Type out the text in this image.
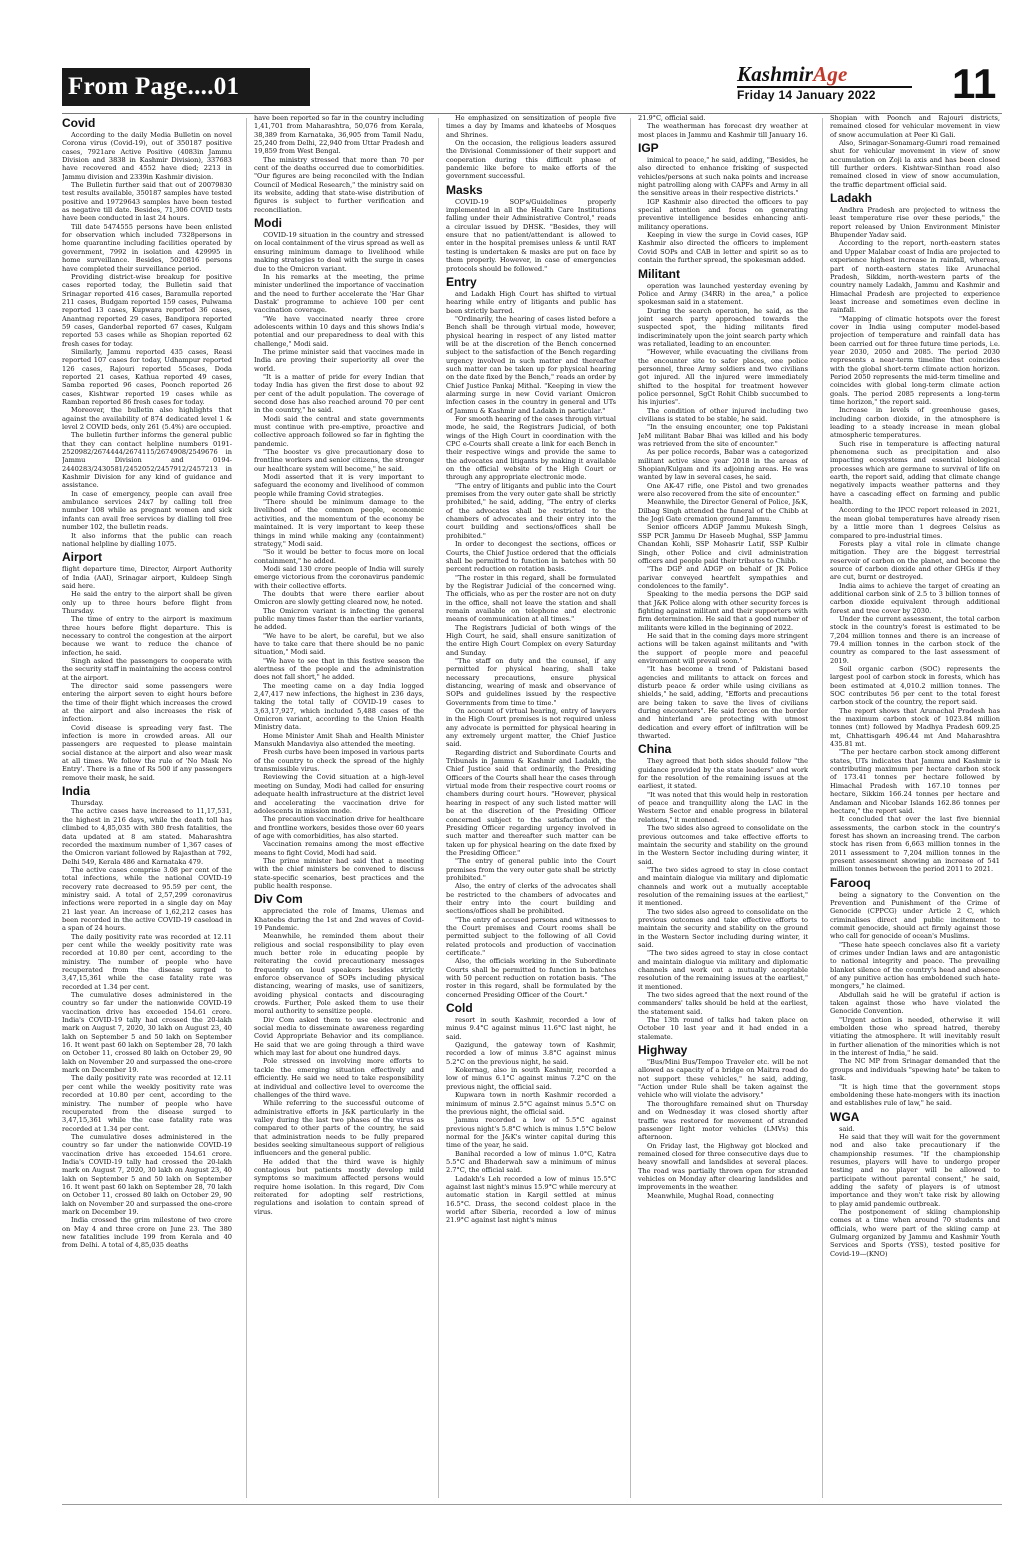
From Page....01	KashmirAge
Friday 14 January 2022 11
Covid

According to the daily Media Bulletin on novel Corona virus (Covid-19), out of 350187 positive cases, 7921are Active Positive (4083in Jammu Division and 3838 in Kashmir Division), 337683 have recovered and 4552 have died; 2213 in Jammu division and 2339in Kashmir division.

The Bulletin further said that out of 20079830 test results available, 350187 samples have tested positive and 19729643 samples have been tested as negative till date. Besides, 71,306 COVID tests have been conducted in last 24 hours.

Till date 5474555 persons have been enlisted for observation which included 7328persons in home quarantine including facilities operated by government, 7992 in isolation and 429995 in home surveillance. Besides, 5020816 persons have completed their surveillance period.

Providing district-wise breakup for positive cases reported today, the Bulletin said that Srinagar reported 416 cases, Baramulla reported 211 cases, Budgam reported 159 cases, Pulwama reported 13 cases, Kupwara reported 36 cases, Anantnag reported 29 cases, Bandipora reported 59 cases, Ganderbal reported 67 cases, Kulgam reported 53 cases while as Shopian reported 62 fresh cases for today.

Similarly, Jammu reported 435 cases, Reasi reported 107 cases for today, Udhampur reported 126 cases, Rajouri reported 55cases, Doda reported 21 cases, Kathua reported 49 cases, Samba reported 96 cases, Poonch reported 26 cases, Kishtwar reported 19 cases while as Ramban reported 86 fresh cases for today.

Moreover, the bulletin also highlights that against the availability of 874 dedicated level 1 & level 2 COVID beds, only 261 (5.4%) are occupied.

The bulletin further informs the general public that they can contact helpline numbers 0191-2520982/2674444/2674115/2674908/2549676 in Jammu Division and 0194-2440283/2430581/2452052/2457912/2457213 in Kashmir Division for any kind of guidance and assistance.

In case of emergency, people can avail free ambulance services 24x7 by calling toll free number 108 while as pregnant women and sick infants can avail free services by dialling toll free number 102, the bulletin reads.

It also informs that the public can reach national helpline by dialling 1075.

Airport

flight departure time, Director, Airport Authority of India (AAI), Srinagar airport, Kuldeep Singh said here.

He said the entry to the airport shall be given only up to three hours before flight from Thursday.

The time of entry to the airport is maximum three hours before flight departure. This is necessary to control the congestion at the airport because we want to reduce the chance of infection, he said.

Singh asked the passengers to cooperate with the security staff in maintaining the access control at the airport.

The director said some passengers were entering the airport seven to eight hours before the time of their flight which increases the crowd at the airport and also increases the risk of infection.

Covid disease is spreading very fast. The infection is more in crowded areas. All our passengers are requested to please maintain social distance at the airport and also wear mask at all times. We follow the rule of 'No Mask No Entry'. There is a fine of Rs 500 if any passengers remove their mask, he said.

India

Thursday.

The active cases have increased to 11,17,531, the highest in 216 days, while the death toll has climbed to 4,85,035 with 380 fresh fatalities, the data updated at 8 am stated. Maharashtra recorded the maximum number of 1,367 cases of the Omicron variant followed by Rajasthan at 792, Delhi 549, Kerala 486 and Karnataka 479.

The active cases comprise 3.08 per cent of the total infections, while the national COVID-19 recovery rate decreased to 95.59 per cent, the ministry said. A total of 2,57,299 coronavirus infections were reported in a single day on May 21 last year. An increase of 1,62,212 cases has been recorded in the active COVID-19 caseload in a span of 24 hours.

The daily positivity rate was recorded at 12.11 per cent while the weekly positivity rate was recorded at 10.80 per cent, according to the ministry. The number of people who have recuperated from the disease surged to 3,47,15,361 while the case fatality rate was recorded at 1.34 per cent.

The cumulative doses administered in the country so far under the nationwide COVID-19 vaccination drive has exceeded 154.61 crore. India's COVID-19 tally had crossed the 20-lakh mark on August 7, 2020, 30 lakh on August 23, 40 lakh on September 5 and 50 lakh on September 16. It went past 60 lakh on September 28, 70 lakh on October 11, crossed 80 lakh on October 29, 90 lakh on November 20 and surpassed the one-crore mark on December 19.

The daily positivity rate was recorded at 12.11 per cent while the weekly positivity rate was recorded at 10.80 per cent, according to the ministry. The number of people who have recuperated from the disease surged to 3,47,15,361 while the case fatality rate was recorded at 1.34 per cent.

The cumulative doses administered in the country so far under the nationwide COVID-19 vaccination drive has exceeded 154.61 crore. India's COVID-19 tally had crossed the 20-lakh mark on August 7, 2020, 30 lakh on August 23, 40 lakh on September 5 and 50 lakh on September 16. It went past 60 lakh on September 28, 70 lakh on October 11, crossed 80 lakh on October 29, 90 lakh on November 20 and surpassed the one-crore mark on December 19.

India crossed the grim milestone of two crore on May 4 and three crore on June 23. The 380 new fatalities include 199 from Kerala and 40 from Delhi. A total of 4,85,035 deaths

have been reported so far in the country including 1,41,701 from Maharashtra, 50,076 from Kerala, 38,389 from Karnataka, 36,905 from Tamil Nadu, 25,240 from Delhi, 22,940 from Uttar Pradesh and 19,859 from West Bengal.

The ministry stressed that more than 70 per cent of the deaths occurred due to comorbidities. "Our figures are being reconciled with the Indian Council of Medical Research," the ministry said on its website, adding that state-wise distribution of figures is subject to further verification and reconciliation.

Modi

COVID-19 situation in the country and stressed on local containment of the virus spread as well as ensuring minimum damage to livelihood while making strategies to deal with the surge in cases due to the Omicron variant.

In his remarks at the meeting, the prime minister underlined the importance of vaccination and the need to further accelerate the 'Har Ghar Dastak' programme to achieve 100 per cent vaccination coverage.

"We have vaccinated nearly three crore adolescents within 10 days and this shows India's potential and our preparedness to deal with this challenge," Modi said.

The prime minister said that vaccines made in India are proving their superiority all over the world.

"It is a matter of pride for every Indian that today India has given the first dose to about 92 per cent of the adult population. The coverage of second dose has also reached around 70 per cent in the country," he said.

Modi said the central and state governments must continue with pre-emptive, proactive and collective approach followed so far in fighting the pandemic.

"The booster vs give precautionary dose to frontline workers and senior citizens, the stronger our healthcare system will become," he said.

Modi asserted that it is very important to safeguard the economy and livelihood of common people while framing Covid strategies.

"There should be minimum damage to the livelihood of the common people, economic activities, and the momentum of the economy be maintained. It is very important to keep these things in mind while making any (containment) strategy," Modi said.

"So it would be better to focus more on local containment," he added.

Modi said 130 crore people of India will surely emerge victorious from the coronavirus pandemic with their collective efforts.

The doubts that were there earlier about Omicron are slowly getting cleared now, he noted.

The Omicron variant is infecting the general public many times faster than the earlier variants, he added.

"We have to be alert, be careful, but we also have to take care that there should be no panic situation," Modi said.

"We have to see that in this festive season the alertness of the people and the administration does not fall short," he added.

The meeting came on a day India logged 2,47,417 new infections, the highest in 236 days, taking the total tally of COVID-19 cases to 3,63,17,927, which included 5,488 cases of the Omicron variant, according to the Union Health Ministry data.

Home Minister Amit Shah and Health Minister Mansukh Mandaviya also attended the meeting.

Fresh curbs have been imposed in various parts of the country to check the spread of the highly transmissible virus.

Reviewing the Covid situation at a high-level meeting on Sunday, Modi had called for ensuring adequate health infrastructure at the district level and accelerating the vaccination drive for adolescents in mission mode.

The precaution vaccination drive for healthcare and frontline workers, besides those over 60 years of age with comorbidities, has also started.

Vaccination remains among the most effective means to fight Covid, Modi had said.

The prime minister had said that a meeting with the chief ministers be convened to discuss state-specific scenarios, best practices and the public health response.

Div Com

appreciated the role of Imams, Ulemas and Khateebs during the 1st and 2nd waves of Covid-19 Pandemic.

Meanwhile, he reminded them about their religious and social responsibility to play even much better role in educating people by reiterating the covid precautionary messages frequently on loud speakers besides strictly enforce observance of SOPs including physical distancing, wearing of masks, use of sanitizers, avoiding physical contacts and discouraging crowds. Further, Pole asked them to use their moral authority to sensitize people.

Div Com asked them to use electronic and social media to disseminate awareness regarding Covid Appropriate Behavior and its compliance. He said that we are going through a third wave which may last for about one hundred days.

Pole stressed on involving more efforts to tackle the emerging situation effectively and efficiently. He said we need to take responsibility at individual and collective level to overcome the challenges of the third wave.

While referring to the successful outcome of administrative efforts in J&K particularly in the valley during the last two phases of the virus as compared to other parts of the country, he said that administration needs to be fully prepared besides seeking simultaneous support of religious influencers and the general public.

He added that the third wave is highly contagious but patients mostly develop mild symptoms so maximum affected persons would require home isolation. In this regard, Div Com reiterated for adopting self restrictions, regulations and isolation to contain spread of virus.

He emphasized on sensitization of people five times a day by Imams and khateebs of Mosques and Shrines.

On the occasion, the religious leaders assured the Divisional Commissioner of their support and cooperation during this difficult phase of pandemic like before to make efforts of the government successful.

Masks

COVID-19 SOP's/Guidelines properly implemented in all the Health Care Institutions falling under their Administrative Control," reads a circular issued by DHSK. "Besides, they will ensure that no patient/attendant is allowed to enter in the hospital premises unless & until RAT testing is undertaken & masks are put on face by them properly. However, in case of emergencies protocols should be followed."

Entry

and Ladakh High Court has shifted to virtual hearing while entry of litigants and public has been strictly barred.

"Ordinarily, the hearing of cases listed before a Bench shall be through virtual mode, however, physical hearing in respect of any listed matter will be at the discretion of the Bench concerned subject to the satisfaction of the Bench regarding urgency involved in such matter and thereafter such matter can be taken up for physical hearing on the date fixed by the Bench," reads an order by Chief Justice Pankaj Mithal. "Keeping in view the alarming surge in new Covid variant Omicron infection cases in the country in general and UTs of Jammu & Kashmir and Ladakh in particular."

For smooth hearing of the cases through virtual mode, he said, the Registrars Judicial, of both wings of the High Court in coordination with the CPC e-Courts shall create a link for each Bench in their respective wings and provide the same to the advocates and litigants by making it available on the official website of the High Court or through any appropriate electronic mode.

"The entry of litigants and public into the Court premises from the very outer gate shall be strictly prohibited," he said, adding, "The entry of clerks of the advocates shall be restricted to the chambers of advocates and their entry into the court building and sections/offices shall be prohibited."

In order to decongest the sections, offices or Courts, the Chief Justice ordered that the officials shall be permitted to function in batches with 50 percent reduction on rotation basis.

"The roster in this regard, shall be formulated by the Registrar Judicial of the concerned wing. The officials, who as per the roster are not on duty in the office, shall not leave the station and shall remain available on telephone and electronic means of communication at all times."

The Registrars Judicial of both wings of the High Court, he said, shall ensure sanitization of the entire High Court Complex on every Saturday and Sunday.

"The staff on duty and the counsel, if any permitted for physical hearing, shall take necessary precautions, ensure physical distancing, wearing of mask and observance of SOPs and guidelines issued by the respective Governments from time to time."

On account of virtual hearing, entry of lawyers in the High Court premises is not required unless any advocate is permitted for physical hearing in any extremely urgent matter, the Chief Justice said.

Regarding district and Subordinate Courts and Tribunals in Jammu & Kashmir and Ladakh, the Chief Justice said that ordinarily, the Presiding Officers of the Courts shall hear the cases through virtual mode from their respective court rooms or chambers during court hours. "However, physical hearing in respect of any such listed matter will be at the discretion of the Presiding Officer concerned subject to the satisfaction of the Presiding Officer regarding urgency involved in such matter and thereafter such matter can be taken up for physical hearing on the date fixed by the Presiding Officer."

"The entry of general public into the Court premises from the very outer gate shall be strictly prohibited."

Also, the entry of clerks of the advocates shall be restricted to the chambers of advocates and their entry into the court building and sections/offices shall be prohibited.

"The entry of accused persons and witnesses to the Court premises and Court rooms shall be permitted subject to the following of all Covid related protocols and production of vaccination certificate."

Also, the officials working in the Subordinate Courts shall be permitted to function in batches with 50 percent reduction on rotation basis. "The roster in this regard, shall be formulated by the concerned Presiding Officer of the Court."

Cold

resort in south Kashmir, recorded a low of minus 9.4°C against minus 11.6°C last night, he said.

Qazigund, the gateway town of Kashmir, recorded a low of minus 3.8°C against minus 5.2°C on the previous night, he said.

Kokernag, also in south Kashmir, recorded a low of minus 6.1°C against minus 7.2°C on the previous night, the official said.

Kupwara town in north Kashmir recorded a minimum of minus 2.5°C against minus 5.5°C on the previous night, the official said.

Jammu recorded a low of 5.5°C against previous night's 5.8°C which is minus 1.5°C below normal for the J&K's winter capital during this time of the year, he said.

Banihal recorded a low of minus 1.0°C, Katra 5.5°C and Bhaderwah saw a minimum of minus 2.7°C, the official said.

Ladakh's Leh recorded a low of minus 15.5°C against last night's minus 15.9°C while mercury at automatic station in Kargil settled at minus 16.5°C. Drass, the second coldest place in the world after Siberia, recorded a low of minus 21.9°C against last night's minus

21.9°C, official said.

The weatherman has forecast dry weather at most places in Jammu and Kashmir till January 16.

IGP

inimical to peace," he said, adding, "Besides, he also directed to enhance frisking of suspected vehicles/persons at such naka points and increase night patrolling along with CAPFs and Army in all the sensitive areas in their respective districts."

IGP Kashmir also directed the officers to pay special attention and focus on generating preventive intelligence besides enhancing anti-militancy operations.

Keeping in view the surge in Covid cases, IGP Kashmir also directed the officers to implement Covid SOPs and CAB in letter and spirit so as to contain the further spread, the spokesman added.

Militant

operation was launched yesterday evening by Police and Army (34RR) in the area," a police spokesman said in a statement.

During the search operation, he said, as the joint search party approached towards the suspected spot, the hiding militants fired indiscriminately upon the joint search party which was retaliated, leading to an encounter.

"However, while evacuating the civilians from the encounter site to safer places, one police personnel, three Army soldiers and two civilians got injured. All the injured were immediately shifted to the hospital for treatment however police personnel, SgCt Rohit Chibb succumbed to his injuries".

The condition of other injured including two civilians is stated to be stable, he said.

"In the ensuing encounter, one top Pakistani JeM militant Babar Bhai was killed and his body was retrieved from the site of encounter."

As per police records, Babar was a categorized militant active since year 2018 in the areas of Shopian/Kulgam and its adjoining areas. He was wanted by law in several cases, he said.

One AK-47 rifle, one Pistol and two grenades were also recovered from the site of encounter."

Meanwhile, the Director General of Police, J&K, Dilbag Singh attended the funeral of the Chibb at the Jogi Gate cremation ground Jammu.

Senior officers ADGP Jammu Mukesh Singh, SSP PCR Jammu Dr Haseeb Mughal, SSP Jammu Chandan Kohli, SSP Mohasrir Latif, SSP Kulbir Singh, other Police and civil administration officers and people paid their tributes to Chibb.

"The DGP and ADGP on behalf of JK Police parivar conveyed heartfelt sympathies and condolences to the family".

Speaking to the media persons the DGP said that J&K Police along with other security forces is fighting against militant and their supporters with firm determination. He said that a good number of militants were killed in the beginning of 2022.

He said that in the coming days more stringent actions will be taken against militants and "with the support of people more and peaceful environment will prevail soon."

"It has become a trend of Pakistani based agencies and militants to attack on forces and disturb peace & order while using civilians as shields," he said, adding, "Efforts and precautions are being taken to save the lives of civilians during encounters". He said forces on the border and hinterland are protecting with utmost dedication and every effort of infiltration will be thwarted.

China

They agreed that both sides should follow "the guidance provided by the state leaders" and work for the resolution of the remaining issues at the earliest, it stated.

"It was noted that this would help in restoration of peace and tranquillity along the LAC in the Western Sector and enable progress in bilateral relations," it mentioned.

The two sides also agreed to consolidate on the previous outcomes and take effective efforts to maintain the security and stability on the ground in the Western Sector including during winter, it said.

"The two sides agreed to stay in close contact and maintain dialogue via military and diplomatic channels and work out a mutually acceptable resolution of the remaining issues at the earliest," it mentioned.

The two sides also agreed to consolidate on the previous outcomes and take effective efforts to maintain the security and stability on the ground in the Western Sector including during winter, it said.

"The two sides agreed to stay in close contact and maintain dialogue via military and diplomatic channels and work out a mutually acceptable resolution of the remaining issues at the earliest," it mentioned.

The two sides agreed that the next round of the commanders' talks should be held at the earliest, the statement said.

The 13th round of talks had taken place on October 10 last year and it had ended in a stalemate.

Highway

"Bus/Mini Bus/Tempoo Traveler etc. will be not allowed as capacity of a bridge on Maitra road do not support these vehicles," he said, adding, "Action under Rule shall be taken against the vehicle who will violate the advisory."

The thoroughfare remained shut on Thursday and on Wednesday it was closed shortly after traffic was restored for movement of stranded passenger light motor vehicles (LMVs) this afternoon.

On Friday last, the Highway got blocked and remained closed for three consecutive days due to heavy snowfall and landslides at several places. The road was partially thrown open for stranded vehicles on Monday after clearing landslides and improvements in the weather.

Meanwhile, Mughal Road, connecting

Shopian with Poonch and Rajouri districts, remained closed for vehicular movement in view of snow accumulation at Peer Ki Gali.

Also, Srinagar-Sonamarg-Gumri road remained shut for vehicular movement in view of snow accumulation on Zoji la axis and has been closed till further orders. Kishtwar-Sinthan road also remained closed in view of snow accumulation, the traffic department official said.

Ladakh

Andhra Pradesh are projected to witness the least temperature rise over these periods," the report released by Union Environment Minister Bhupender Yadav said.

According to the report, north-eastern states and Upper Malabar coast of India are projected to experience highest increase in rainfall, whereas, part of north-eastern states like Arunachal Pradesh, Sikkim, north-western parts of the country namely Ladakh, Jammu and Kashmir and Himachal Pradesh are projected to experience least increase and sometimes even decline in rainfall.

"Mapping of climatic hotspots over the forest cover in India using computer model-based projection of temperature and rainfall data has been carried out for three future time periods, i.e. year 2030, 2050 and 2085. The period 2030 represents a near-term timeline that coincides with the global short-term climate action horizon. Period 2050 represents the mid-term timeline and coincides with global long-term climate action goals. The period 2085 represents a long-term time horizon," the report said.

Increase in levels of greenhouse gases, including carbon dioxide, in the atmosphere is leading to a steady increase in mean global atmospheric temperatures.

Such rise in temperature is affecting natural phenomena such as precipitation and also impacting ecosystems and essential biological processes which are germane to survival of life on earth, the report said, adding that climate change negatively impacts weather patterns and they have a cascading effect on farming and public health.

According to the IPCC report released in 2021, the mean global temperatures have already risen by a little more than 1 degrees Celsius as compared to pre-industrial times.

Forests play a vital role in climate change mitigation. They are the biggest terrestrial reservoir of carbon on the planet, and become the source of carbon dioxide and other GHGs if they are cut, burnt or destroyed.

India aims to achieve the target of creating an additional carbon sink of 2.5 to 3 billion tonnes of carbon dioxide equivalent through additional forest and tree cover by 2030.

Under the current assessment, the total carbon stock in the country's forest is estimated to be 7,204 million tonnes and there is an increase of 79.4 million tonnes in the carbon stock of the country as compared to the last assessment of 2019.

Soil organic carbon (SOC) represents the largest pool of carbon stock in forests, which has been estimated at 4,010.2 million tonnes. The SOC contributes 56 per cent to the total forest carbon stock of the country, the report said.

The report shows that Arunachal Pradesh has the maximum carbon stock of 1023.84 million tonnes (mt) followed by Madhya Pradesh 609.25 mt, Chhattisgarh 496.44 mt And Maharashtra 435.81 mt.

"The per hectare carbon stock among different states, UTs indicates that Jammu and Kashmir is contributing maximum per hectare carbon stock of 173.41 tonnes per hectare followed by Himachal Pradesh with 167.10 tonnes per hectare, Sikkim 166.24 tonnes per hectare and Andaman and Nicobar Islands 162.86 tonnes per hectare," the report said.

It concluded that over the last five biennial assessments, the carbon stock in the country's forest has shown an increasing trend. The carbon stock has risen from 6,663 million tonnes in the 2011 assessment to 7,204 million tonnes in the present assessment showing an increase of 541 million tonnes between the period 2011 to 2021.

Farooq

being a signatory to the Convention on the Prevention and Punishment of the Crime of Genocide (CPPCG) under Article 2 C, which criminalises direct and public incitement to commit genocide, should act firmly against those who call for genocide of ocean's Muslims.

"These hate speech conclaves also fit a variety of crimes under Indian laws and are antagonistic to national integrity and peace. The prevailing blanket silence of the country's head and absence of any punitive action has emboldened such hate-mongers," he claimed.

Abdullah said he will be grateful if action is taken against those who have violated the Genocide Convention.

"Urgent action is needed, otherwise it will embolden those who spread hatred, thereby vitiating the atmosphere. It will inevitably result in further alienation of the minorities which is not in the interest of India," he said.

The NC MP from Srinagar demanded that the groups and individuals "spewing hate" be taken to task.

"It is high time that the government stops emboldening these hate-mongers with its inaction and establishes rule of law," he said.

WGA

said.

He said that they will wait for the government nod and also take precautionary if the championship resumes. "If the championship resumes, players will have to undergo proper testing and no player will be allowed to participate without parental consent," he said, adding the safety of players is of utmost importance and they won't take risk by allowing to play amid pandemic outbreak.

The postponement of skiing championship comes at a time when around 70 students and officials, who were part of the skiing camp at Gulmarg organized by Jammu and Kashmir Youth Services and Sports (YSS), tested positive for Covid-19—(KNO)
